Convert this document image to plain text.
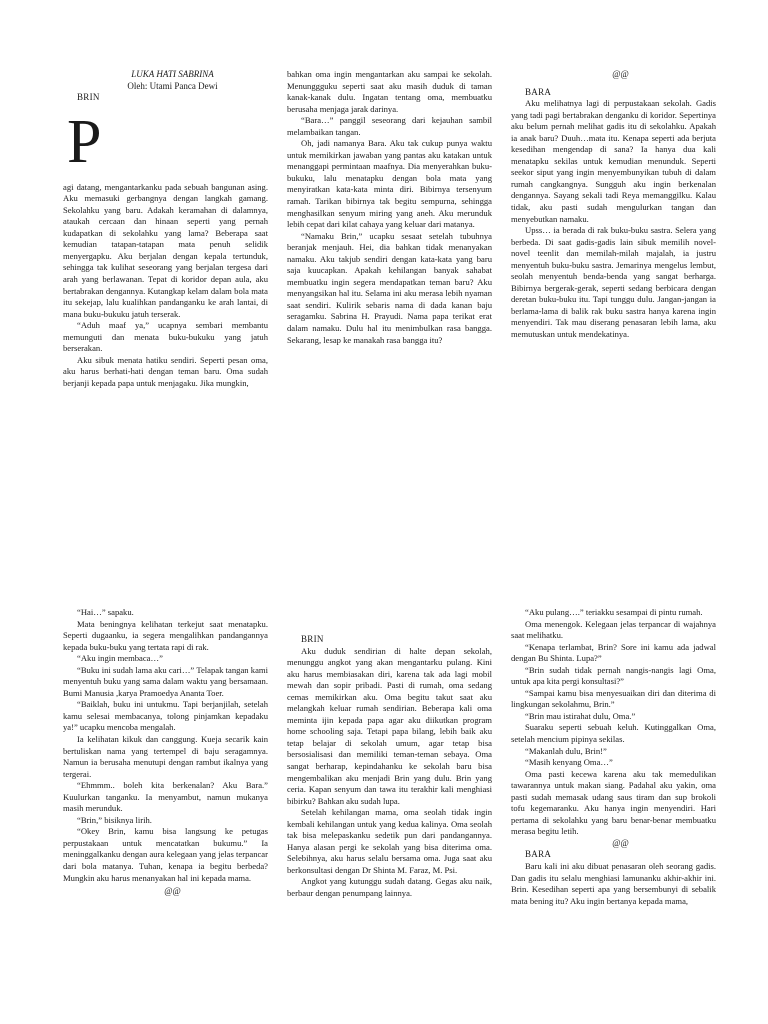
LUKA HATI SABRINA

Oleh: Utami Panca Dewi

BRIN

P

agi datang, mengantarkanku pada sebuah bangunan asing. Aku memasuki gerbangnya dengan langkah gamang. Sekolahku yang baru. Adakah keramahan di dalamnya, ataukah cercaan dan hinaan seperti yang pernah kudapatkan di sekolahku yang lama? Beberapa saat kemudian tatapan-tatapan mata penuh selidik menyergapku. Aku berjalan dengan kepala tertunduk, sehingga tak kulihat seseorang yang berjalan tergesa dari arah yang berlawanan. Tepat di koridor depan aula, aku bertabrakan dengannya. Kutangkap kelam dalam bola mata itu sekejap, lalu kualihkan pandanganku ke arah lantai, di mana buku-bukuku jatuh terserak.

“Aduh maaf ya,” ucapnya sembari membantu memunguti dan menata buku-bukuku yang jatuh berserakan.

Aku sibuk menata hatiku sendiri. Seperti pesan oma, aku harus berhati-hati dengan teman baru. Oma sudah berjanji kepada papa untuk menjagaku. Jika mungkin,

bahkan oma ingin mengantarkan aku sampai ke sekolah. Menunggguku seperti saat aku masih duduk di taman kanak-kanak dulu. Ingatan tentang oma, membuatku berusaha menjaga jarak darinya.

“Bara…” panggil seseorang dari kejauhan sambil melambaikan tangan.

Oh, jadi namanya Bara. Aku tak cukup punya waktu untuk memikirkan jawaban yang pantas aku katakan untuk menanggapi permintaan maafnya. Dia menyerahkan buku-bukuku, lalu menatapku dengan bola mata yang menyiratkan kata-kata minta diri. Bibirnya tersenyum ramah. Tarikan bibirnya tak begitu sempurna, sehingga menghasilkan senyum miring yang aneh. Aku merunduk lebih cepat dari kilat cahaya yang keluar dari matanya.

“Namaku Brin,” ucapku sesaat setelah tubuhnya beranjak menjauh. Hei, dia bahkan tidak menanyakan namaku. Aku takjub sendiri dengan kata-kata yang baru saja kuucapkan. Apakah kehilangan banyak sahabat membuatku ingin segera mendapatkan teman baru? Aku menyangsikan hal itu. Selama ini aku merasa lebih nyaman saat sendiri. Kulirik sebaris nama di dada kanan baju seragamku. Sabrina H. Prayudi. Nama papa terikat erat dalam namaku. Dulu hal itu menimbulkan rasa bangga. Sekarang, lesap ke manakah rasa bangga itu?

@@

BARA

Aku melihatnya lagi di perpustakaan sekolah. Gadis yang tadi pagi bertabrakan denganku di koridor. Sepertinya aku belum pernah melihat gadis itu di sekolahku. Apakah ia anak baru? Duuh…mata itu. Kenapa seperti ada berjuta kesedihan mengendap di sana? Ia hanya dua kali menatapku sekilas untuk kemudian menunduk. Seperti seekor siput yang ingin menyembunyikan tubuh di dalam rumah cangkangnya. Sungguh aku ingin berkenalan dengannya. Sayang sekali tadi Reya memanggilku. Kalau tidak, aku pasti sudah mengulurkan tangan dan menyebutkan namaku.

Upss… ia berada di rak buku-buku sastra. Selera yang berbeda. Di saat gadis-gadis lain sibuk memilih novel-novel teenlit dan memilah-milah majalah, ia justru menyentuh buku-buku sastra. Jemarinya mengelus lembut, seolah menyentuh benda-benda yang sangat berharga. Bibirnya bergerak-gerak, seperti sedang berbicara dengan deretan buku-buku itu. Tapi tunggu dulu. Jangan-jangan ia berlama-lama di balik rak buku sastra hanya karena ingin menyendiri. Tak mau diserang penasaran lebih lama, aku memutuskan untuk mendekatinya.

“Hai…” sapaku.

Mata beningnya kelihatan terkejut saat menatapku. Seperti dugaanku, ia segera mengalihkan pandangannya kepada buku-buku yang tertata rapi di rak.

“Aku ingin membaca…”

“Buku ini sudah lama aku cari…” Telapak tangan kami menyentuh buku yang sama dalam waktu yang bersamaan. Bumi Manusia ,karya Pramoedya Ananta Toer.

“Baiklah, buku ini untukmu. Tapi berjanjilah, setelah kamu selesai membacanya, tolong pinjamkan kepadaku ya!” ucapku mencoba mengalah.

Ia kelihatan kikuk dan canggung. Kueja secarik kain bertuliskan nama yang tertempel di baju seragamnya. Namun ia berusaha menutupi dengan rambut ikalnya yang tergerai.

“Ehmmm.. boleh kita berkenalan? Aku Bara.” Kuulurkan tanganku. Ia menyambut, namun mukanya masih merunduk.

“Brin,” bisiknya lirih.

“Okey Brin, kamu bisa langsung ke petugas perpustakaan untuk mencatatkan bukumu.” Ia meninggalkanku dengan aura kelegaan yang jelas terpancar dari bola matanya. Tuhan, kenapa ia begitu berbeda? Mungkin aku harus menanyakan hal ini kepada mama.

@@

BRIN

Aku duduk sendirian di halte depan sekolah, menunggu angkot yang akan mengantarku pulang. Kini aku harus membiasakan diri, karena tak ada lagi mobil mewah dan sopir pribadi. Pasti di rumah, oma sedang cemas memikirkan aku. Oma begitu takut saat aku melangkah keluar rumah sendirian. Beberapa kali oma meminta ijin kepada papa agar aku diikutkan program home schooling saja. Tetapi papa bilang, lebih baik aku tetap belajar di sekolah umum, agar tetap bisa bersosialisasi dan memiliki teman-teman sebaya. Oma sangat berharap, kepindahanku ke sekolah baru bisa mengembalikan aku menjadi Brin yang dulu. Brin yang ceria. Kapan senyum dan tawa itu terakhir kali menghiasi bibirku? Bahkan aku sudah lupa.

Setelah kehilangan mama, oma seolah tidak ingin kembali kehilangan untuk yang kedua kalinya. Oma seolah tak bisa melepaskanku sedetik pun dari pandangannya. Hanya alasan pergi ke sekolah yang bisa diterima oma. Selebihnya, aku harus selalu bersama oma. Juga saat aku berkonsultasi dengan Dr Shinta M. Faraz, M. Psi.

Angkot yang kutunggu sudah datang. Gegas aku naik, berbaur dengan penumpang lainnya.

“Aku pulang….” teriakku sesampai di pintu rumah.

Oma menengok. Kelegaan jelas terpancar di wajahnya saat melihatku.

“Kenapa terlambat, Brin? Sore ini kamu ada jadwal dengan Bu Shinta. Lupa?”

“Brin sudah tidak pernah nangis-nangis lagi Oma, untuk apa kita pergi konsultasi?”

“Sampai kamu bisa menyesuaikan diri dan diterima di lingkungan sekolahmu, Brin.”

“Brin mau istirahat dulu, Oma.”

Suaraku seperti sebuah keluh. Kutinggalkan Oma, setelah mencium pipinya sekilas.

“Makanlah dulu, Brin!”

“Masih kenyang Oma…”

Oma pasti kecewa karena aku tak memedulikan tawarannya untuk makan siang. Padahal aku yakin, oma pasti sudah memasak udang saus tiram dan sup brokoli tofu kegemaranku. Aku hanya ingin menyendiri. Hari pertama di sekolahku yang baru benar-benar membuatku merasa begitu letih.

@@

BARA

Baru kali ini aku dibuat penasaran oleh seorang gadis. Dan gadis itu selalu menghiasi lamunanku akhir-akhir ini. Brin. Kesedihan seperti apa yang bersembunyi di sebalik mata bening itu? Aku ingin bertanya kepada mama,
